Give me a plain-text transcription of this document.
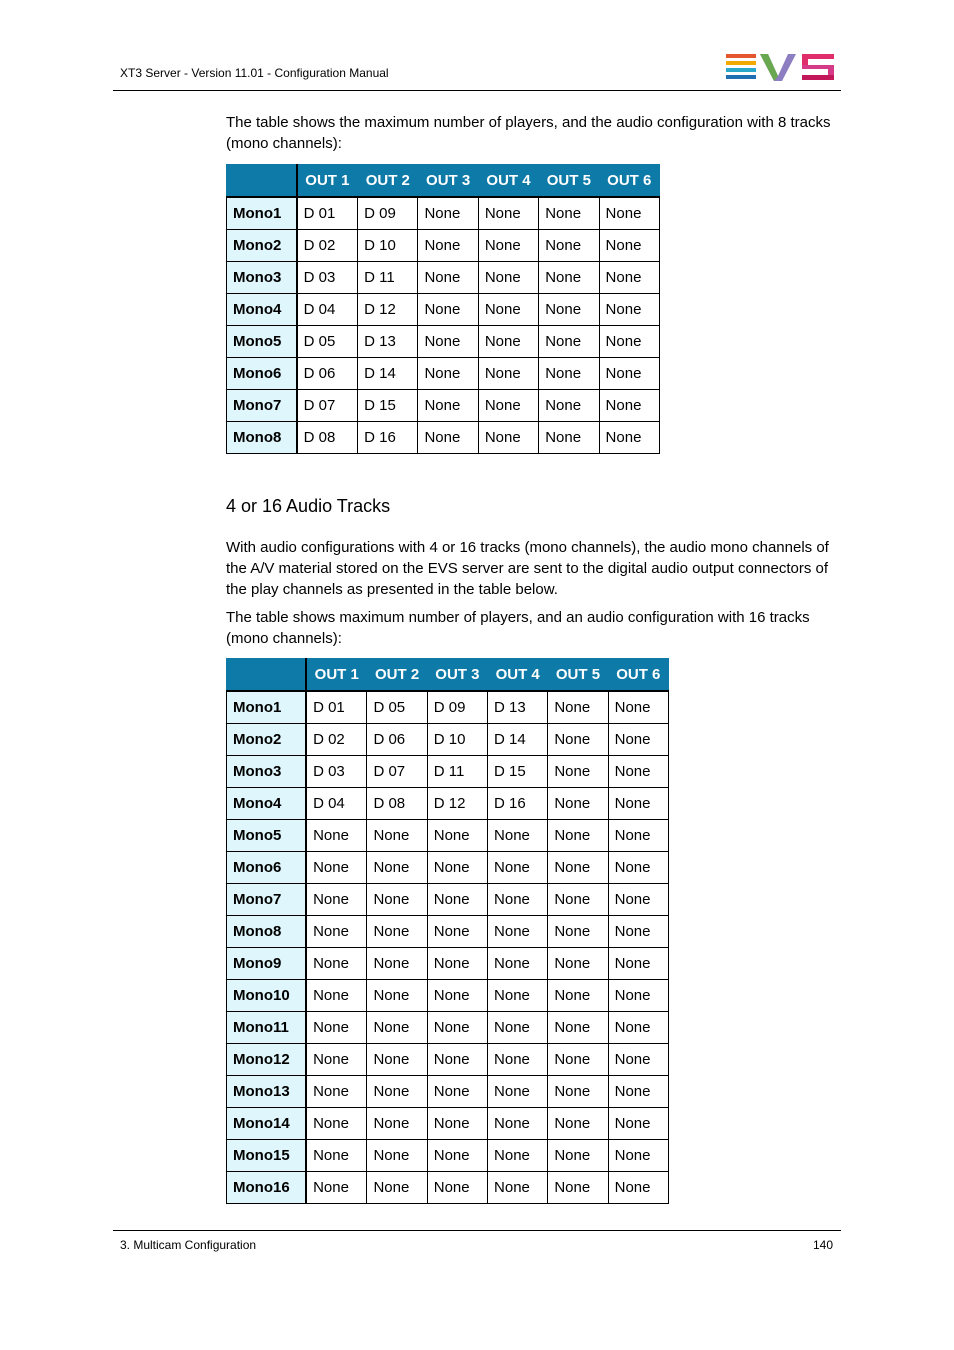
XT3 Server - Version 11.01 - Configuration Manual

The table shows the maximum number of players, and the audio configuration with 8 tracks (mono channels):

	OUT 1	OUT 2	OUT 3	OUT 4	OUT 5	OUT 6
Mono1	D 01	D 09	None	None	None	None
Mono2	D 02	D 10	None	None	None	None
Mono3	D 03	D 11	None	None	None	None
Mono4	D 04	D 12	None	None	None	None
Mono5	D 05	D 13	None	None	None	None
Mono6	D 06	D 14	None	None	None	None
Mono7	D 07	D 15	None	None	None	None
Mono8	D 08	D 16	None	None	None	None
4 or 16 Audio Tracks

With audio configurations with 4 or 16 tracks (mono channels), the audio mono channels of the A/V material stored on the EVS server are sent to the digital audio output connectors of the play channels as presented in the table below.

The table shows maximum number of players, and an audio configuration with 16 tracks (mono channels):

	OUT 1	OUT 2	OUT 3	OUT 4	OUT 5	OUT 6
Mono1	D 01	D 05	D 09	D 13	None	None
Mono2	D 02	D 06	D 10	D 14	None	None
Mono3	D 03	D 07	D 11	D 15	None	None
Mono4	D 04	D 08	D 12	D 16	None	None
Mono5	None	None	None	None	None	None
Mono6	None	None	None	None	None	None
Mono7	None	None	None	None	None	None
Mono8	None	None	None	None	None	None
Mono9	None	None	None	None	None	None
Mono10	None	None	None	None	None	None
Mono11	None	None	None	None	None	None
Mono12	None	None	None	None	None	None
Mono13	None	None	None	None	None	None
Mono14	None	None	None	None	None	None
Mono15	None	None	None	None	None	None
Mono16	None	None	None	None	None	None
3. Multicam Configuration	140
